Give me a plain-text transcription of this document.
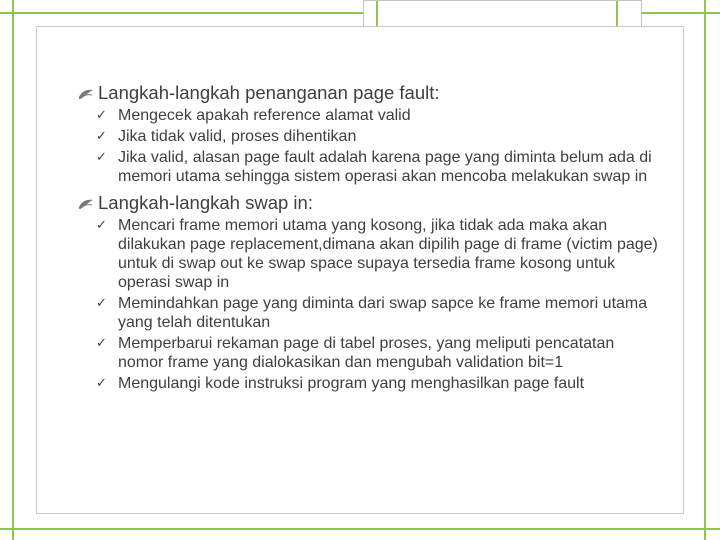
Langkah-langkah penanganan page fault:
✓ Mengecek apakah reference alamat valid
✓ Jika tidak valid, proses dihentikan
✓ Jika valid, alasan page fault adalah karena page yang diminta belum ada di memori utama sehingga sistem operasi akan mencoba melakukan swap in
Langkah-langkah swap in:
✓ Mencari frame memori utama yang kosong, jika tidak ada maka akan dilakukan page replacement,dimana akan dipilih page di frame (victim page) untuk di swap out ke swap space supaya tersedia frame kosong untuk operasi swap in
✓ Memindahkan page yang diminta dari swap sapce ke frame memori utama yang telah ditentukan
✓ Memperbarui rekaman page di tabel proses, yang meliputi pencatatan nomor frame yang dialokasikan dan mengubah validation bit=1
✓ Mengulangi kode instruksi program yang menghasilkan page fault
